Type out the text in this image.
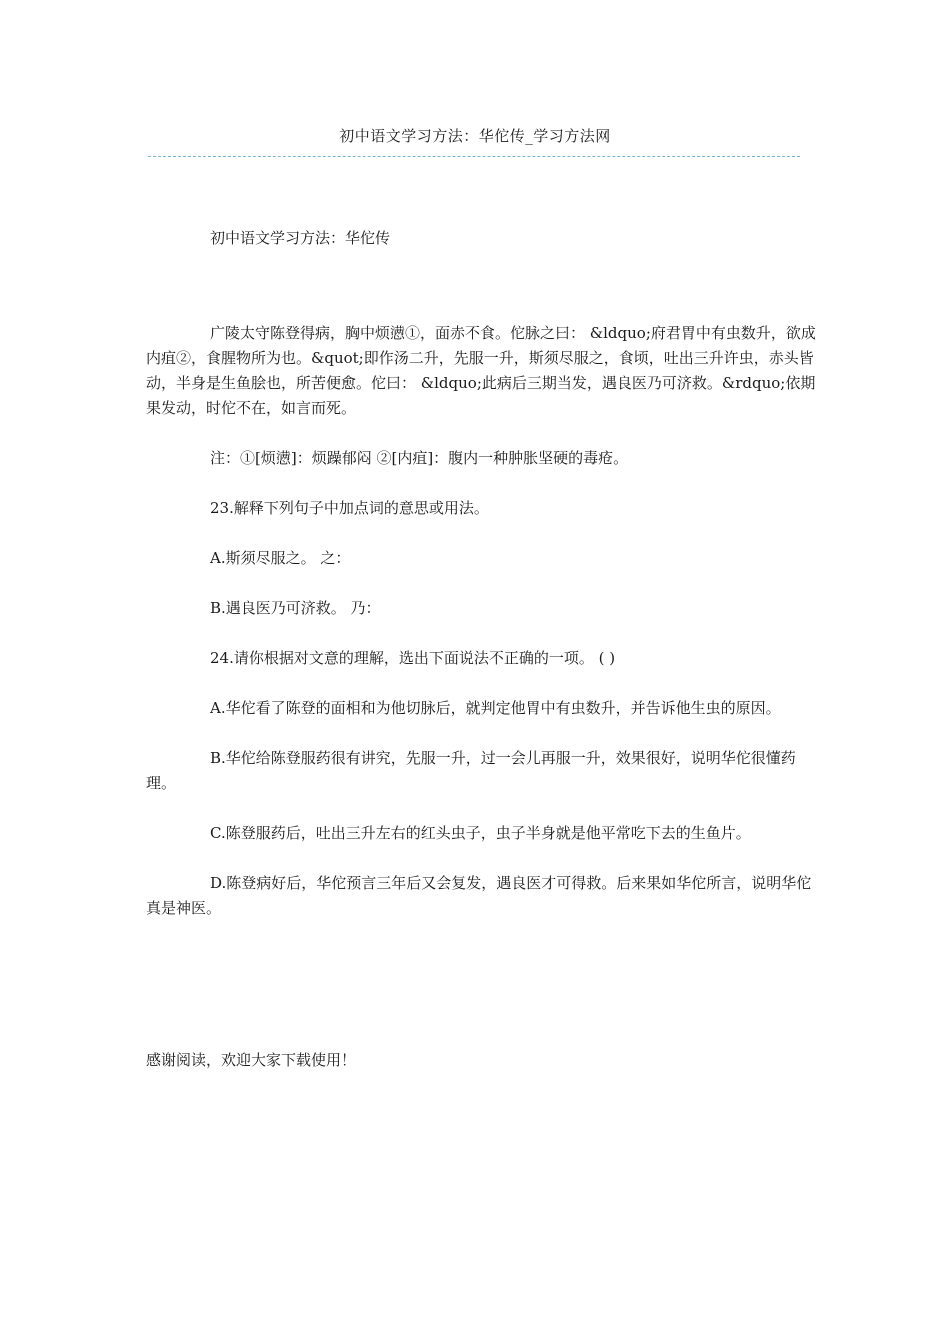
初中语文学习方法：华佗传_学习方法网

初中语文学习方法：华佗传

广陵太守陈登得病，胸中烦懑①，面赤不食。佗脉之曰： &ldquo;府君胃中有虫数升，欲成内疽②，食腥物所为也。&quot;即作汤二升，先服一升，斯须尽服之，食顷，吐出三升许虫，赤头皆动，半身是生鱼脍也，所苦便愈。佗曰： &ldquo;此病后三期当发，遇良医乃可济救。&rdquo;依期果发动，时佗不在，如言而死。

注：①[烦懑]：烦躁郁闷 ②[内疽]：腹内一种肿胀坚硬的毒疮。

23.解释下列句子中加点词的意思或用法。

A.斯须尽服之。 之：

B.遇良医乃可济救。 乃：

24.请你根据对文意的理解，选出下面说法不正确的一项。 ( )

A.华佗看了陈登的面相和为他切脉后，就判定他胃中有虫数升，并告诉他生虫的原因。

B.华佗给陈登服药很有讲究，先服一升，过一会儿再服一升，效果很好，说明华佗很懂药理。

C.陈登服药后，吐出三升左右的红头虫子，虫子半身就是他平常吃下去的生鱼片。

D.陈登病好后，华佗预言三年后又会复发，遇良医才可得救。后来果如华佗所言，说明华佗真是神医。

感谢阅读，欢迎大家下载使用！
